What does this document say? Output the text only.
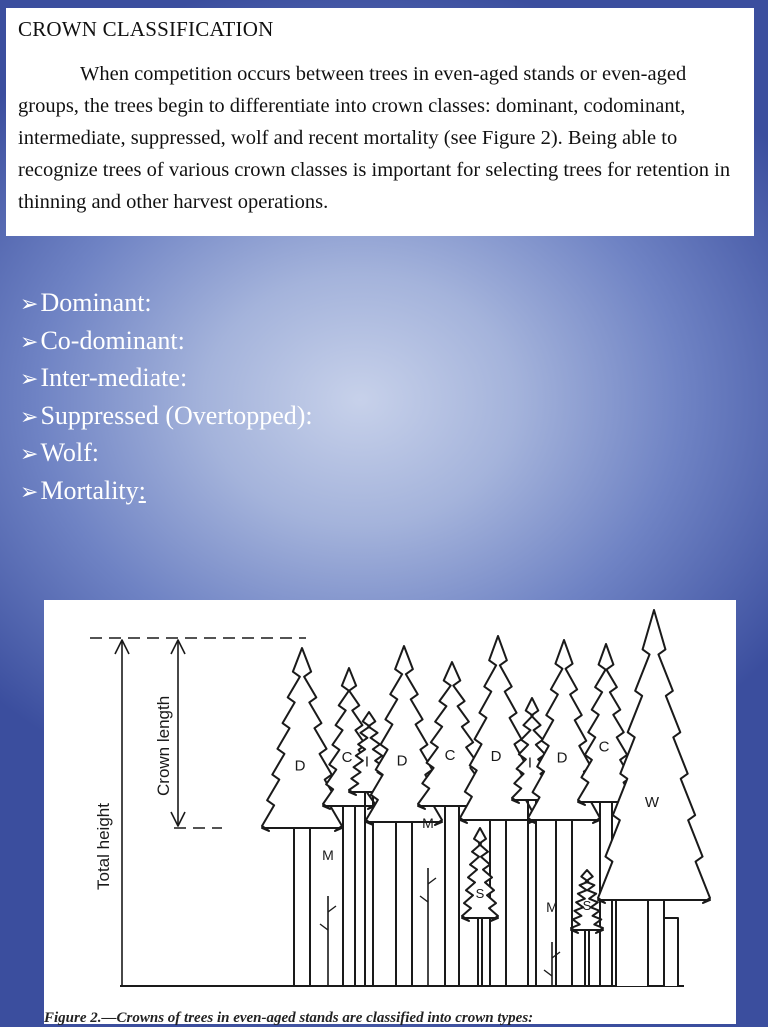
CROWN CLASSIFICATION

When competition occurs between trees in even-aged stands or even-aged groups, the trees begin to differentiate into crown classes: dominant, codominant, intermediate, suppressed, wolf and recent mortality (see Figure 2). Being able to recognize trees of various crown classes is important for selecting trees for retention in thinning and other harvest operations.

➢ Dominant:
➢ Co-dominant:
➢ Inter-mediate:
➢ Suppressed (Overtopped):
➢ Wolf:
➢ Mortality :
Total height
Crown length	D
C I D C D I D
C
W
S
S
M
M
M
Figure 2.—Crowns of trees in even-aged stands are classified into crown types:
